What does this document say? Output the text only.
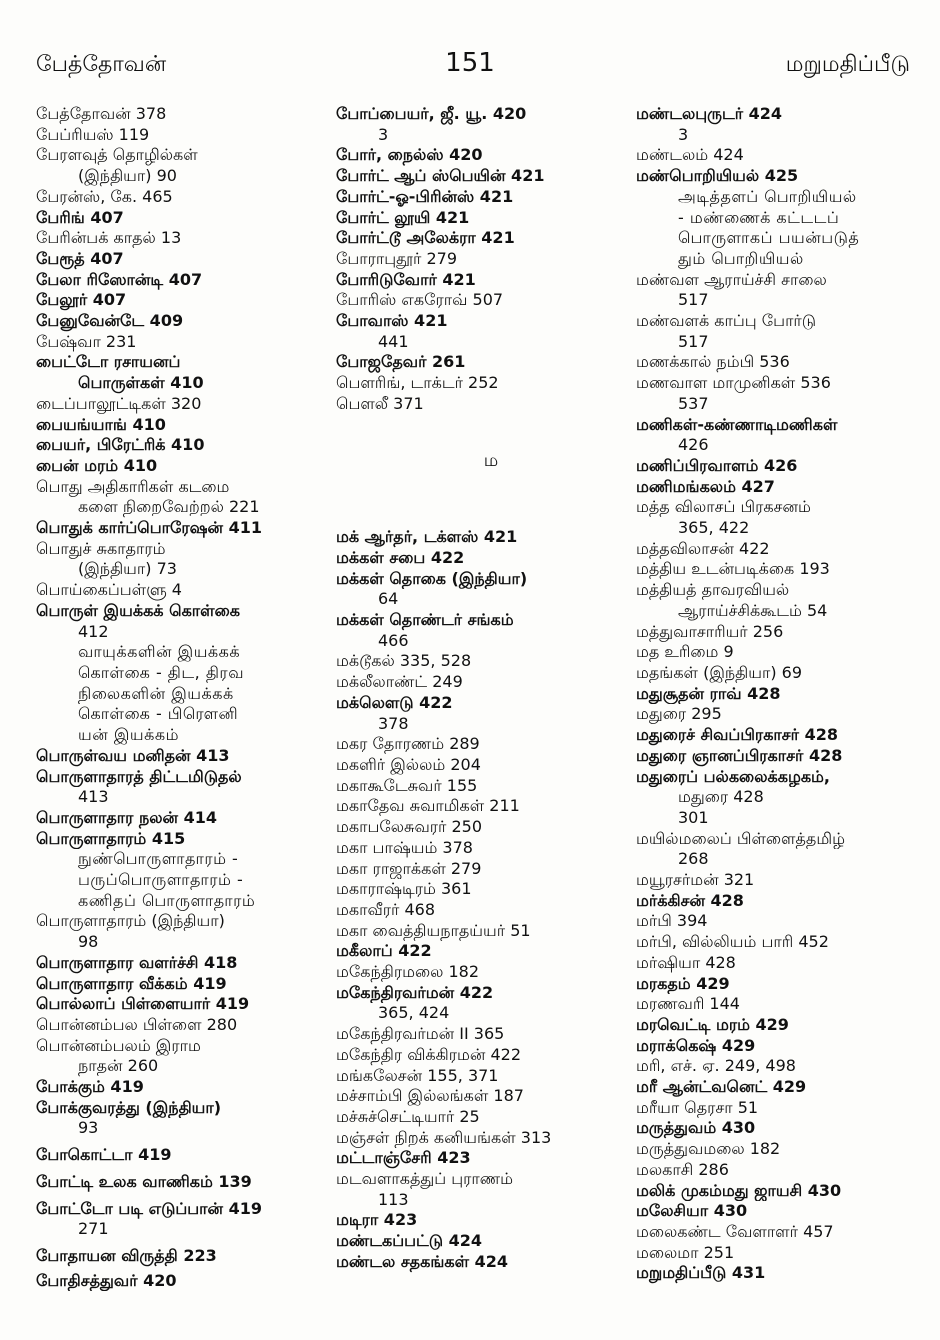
பேத்தோவன்	151	மறுமதிப்பீடு
பேத்தோவன் 378
பேப்ரியஸ் 119
பேரளவுத் தொழில்கள்
(இந்தியா) 90
பேரன்ஸ், கே. 465
பேரிங் 407
பேரின்பக் காதல் 13
பேரூத் 407
பேலா ரிஸோன்டி 407
பேலூர் 407
பேனுவேன்டே 409
பேஷ்வா 231
பைட்டோ ரசாயனப்
பொருள்கள் 410
டைப்பாலூட்டிகள் 320
பையங்யாங் 410
பையர், பிரேட்ரிக் 410
பைன் மரம் 410
பொது அதிகாரிகள் கடமை
களை நிறைவேற்றல் 221
பொதுக் கார்ப்பொரேஷன் 411
பொதுச் சுகாதாரம்
(இந்தியா) 73
பொய்கைப்பள்ளு 4
பொருள் இயக்கக் கொள்கை
412
வாயுக்களின் இயக்கக்
கொள்கை - திட, திரவ
நிலைகளின் இயக்கக்
கொள்கை - பிரௌனி
யன் இயக்கம்
பொருள்வய மனிதன் 413
பொருளாதாரத் திட்டமிடுதல்
413
பொருளாதார நலன் 414
பொருளாதாரம் 415
நுண்பொருளாதாரம் -
பருப்பொருளாதாரம் -
கணிதப் பொருளாதாரம்
பொருளாதாரம் (இந்தியா)
98
பொருளாதார வளர்ச்சி 418
பொருளாதார வீக்கம் 419
பொல்லாப் பிள்ளையார் 419
பொன்னம்பல பிள்ளை 280
பொன்னம்பலம் இராம
நாதன் 260
போக்கும் 419
போக்குவரத்து (இந்தியா)
93
போகொட்டா 419
போட்டி உலக வாணிகம் 139
போட்டோ படி எடுப்பான் 419
271
போதாயன விருத்தி 223
போதிசத்துவர் 420
போப்பையர், ஜீ. யூ. 420
3
போர், நைல்ஸ் 420
போர்ட் ஆப் ஸ்பெயின் 421
போர்ட்-ஓ-பிரின்ஸ் 421
போர்ட் லூயி 421
போர்ட்டூ அலேக்ரா 421
போராபுதூர் 279
போரிடுவோர் 421
போரிஸ் எகரோவ் 507
போவாஸ் 421
441
போஜதேவர் 261
பௌரிங், டாக்டர் 252
பௌலீ 371
ம
மக் ஆர்தர், டக்ளஸ் 421
மக்கள் சபை 422
மக்கள் தொகை (இந்தியா)
64
மக்கள் தொண்டர் சங்கம்
466
மக்டூகல் 335, 528
மக்லீலாண்ட் 249
மக்லௌடு 422
378
மகர தோரணம் 289
மகளிர் இல்லம் 204
மகாகூடேசுவர் 155
மகாதேவ சுவாமிகள் 211
மகாபலேசுவரர் 250
மகா பாஷ்யம் 378
மகா ராஜாக்கள் 279
மகாராஷ்டிரம் 361
மகாவீரர் 468
மகா வைத்தியநாதய்யர் 51
மகீலாப் 422
மகேந்திரமலை 182
மகேந்திரவர்மன் 422
365, 424
மகேந்திரவர்மன் II 365
மகேந்திர விக்கிரமன் 422
மங்கலேசன் 155, 371
மச்சாம்பி இல்லங்கள் 187
மச்சுச்செட்டியார் 25
மஞ்சள் நிறக் கனியங்கள் 313
மட்டாஞ்சேரி 423
மடவளாகத்துப் புராணம்
113
மடிரா 423
மண்டகப்பட்டு 424
மண்டல சதகங்கள் 424
மண்டலபுருடர் 424
3
மண்டலம் 424
மண்பொறியியல் 425
அடித்தளப் பொறியியல்
- மண்ணைக் கட்டடப்
பொருளாகப் பயன்படுத்
தும் பொறியியல்
மண்வள ஆராய்ச்சி சாலை
517
மண்வளக் காப்பு போர்டு
517
மணக்கால் நம்பி 536
மணவாள மாமுனிகள் 536
537
மணிகள்-கண்ணாடிமணிகள்
426
மணிப்பிரவாளம் 426
மணிமங்கலம் 427
மத்த விலாசப் பிரகசனம்
365, 422
மத்தவிலாசன் 422
மத்திய உடன்படிக்கை 193
மத்தியத் தாவரவியல்
ஆராய்ச்சிக்கூடம் 54
மத்துவாசாரியர் 256
மத உரிமை 9
மதங்கள் (இந்தியா) 69
மதுசூதன் ராவ் 428
மதுரை 295
மதுரைச் சிவப்பிரகாசர் 428
மதுரை ஞானப்பிரகாசர் 428
மதுரைப் பல்கலைக்கழகம்,
மதுரை 428
301
மயில்மலைப் பிள்ளைத்தமிழ்
268
மயூரசர்மன் 321
மர்க்கிசன் 428
மர்பி 394
மர்பி, வில்லியம் பாரி 452
மர்ஷியா 428
மரகதம் 429
மரணவரி 144
மரவெட்டி மரம் 429
மராக்கெஷ் 429
மரி, எச். ஏ. 249, 498
மரீ ஆன்ட்வனெட் 429
மரீயா தெரசா 51
மருத்துவம் 430
மருத்துவமலை 182
மலகாசி 286
மலிக் முகம்மது ஜாயசி 430
மலேசியா 430
மலைகண்ட வேளாளர் 457
மலைமா 251
மறுமதிப்பீடு 431
